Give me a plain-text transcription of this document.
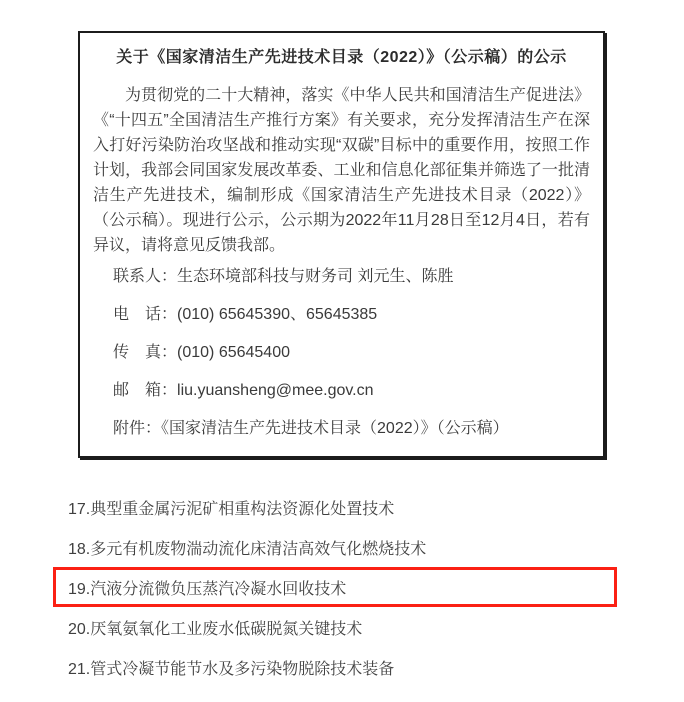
关于《国家清洁生产先进技术目录（2022）》（公示稿）的公示

为贯彻党的二十大精神，落实《中华人民共和国清洁生产促进法》《“十四五”全国清洁生产推行方案》有关要求，充分发挥清洁生产在深入打好污染防治攻坚战和推动实现“双碳”目标中的重要作用，按照工作计划，我部会同国家发展改革委、工业和信息化部征集并筛选了一批清洁生产先进技术，编制形成《国家清洁生产先进技术目录（2022）》（公示稿）。现进行公示，公示期为2022年11月28日至12月4日，若有异议，请将意见反馈我部。

联系人：生态环境部科技与财务司 刘元生、陈胜

电　话：(010) 65645390、65645385

传　真：(010) 65645400

邮　箱：liu.yuansheng@mee.gov.cn

附件：《国家清洁生产先进技术目录（2022）》（公示稿）

17.典型重金属污泥矿相重构法资源化处置技术
18.多元有机废物湍动流化床清洁高效气化燃烧技术
19.汽液分流微负压蒸汽冷凝水回收技术
20.厌氧氨氧化工业废水低碳脱氮关键技术
21.管式冷凝节能节水及多污染物脱除技术装备
